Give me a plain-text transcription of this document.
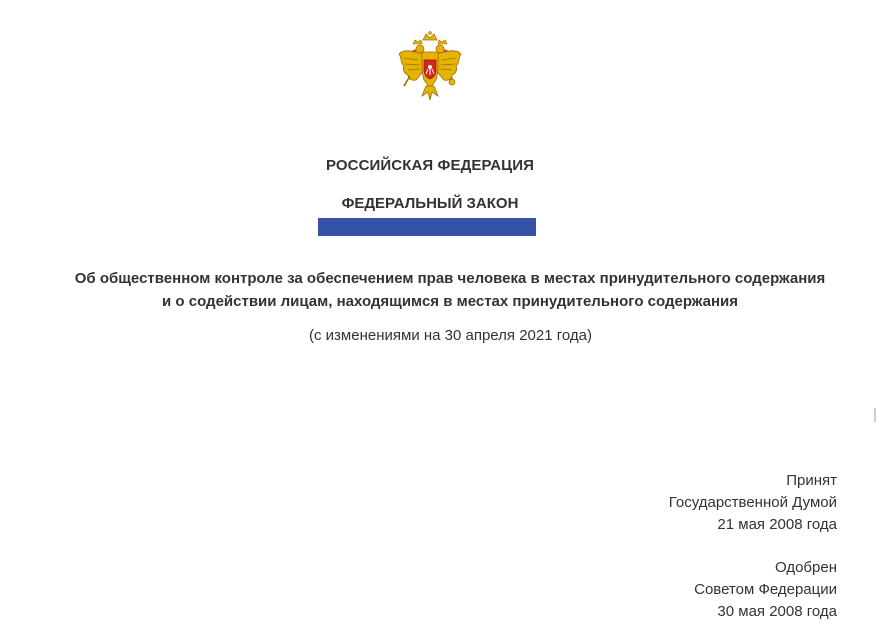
РОССИЙСКАЯ ФЕДЕРАЦИЯ
ФЕДЕРАЛЬНЫЙ ЗАКОН
Об общественном контроле за обеспечением прав человека в местах принудительного содержания
и о содействии лицам, находящимся в местах принудительного содержания
(с изменениями на 30 апреля 2021 года)
Принят
Государственной Думой
21 мая 2008 года
Одобрен
Советом Федерации
30 мая 2008 года
